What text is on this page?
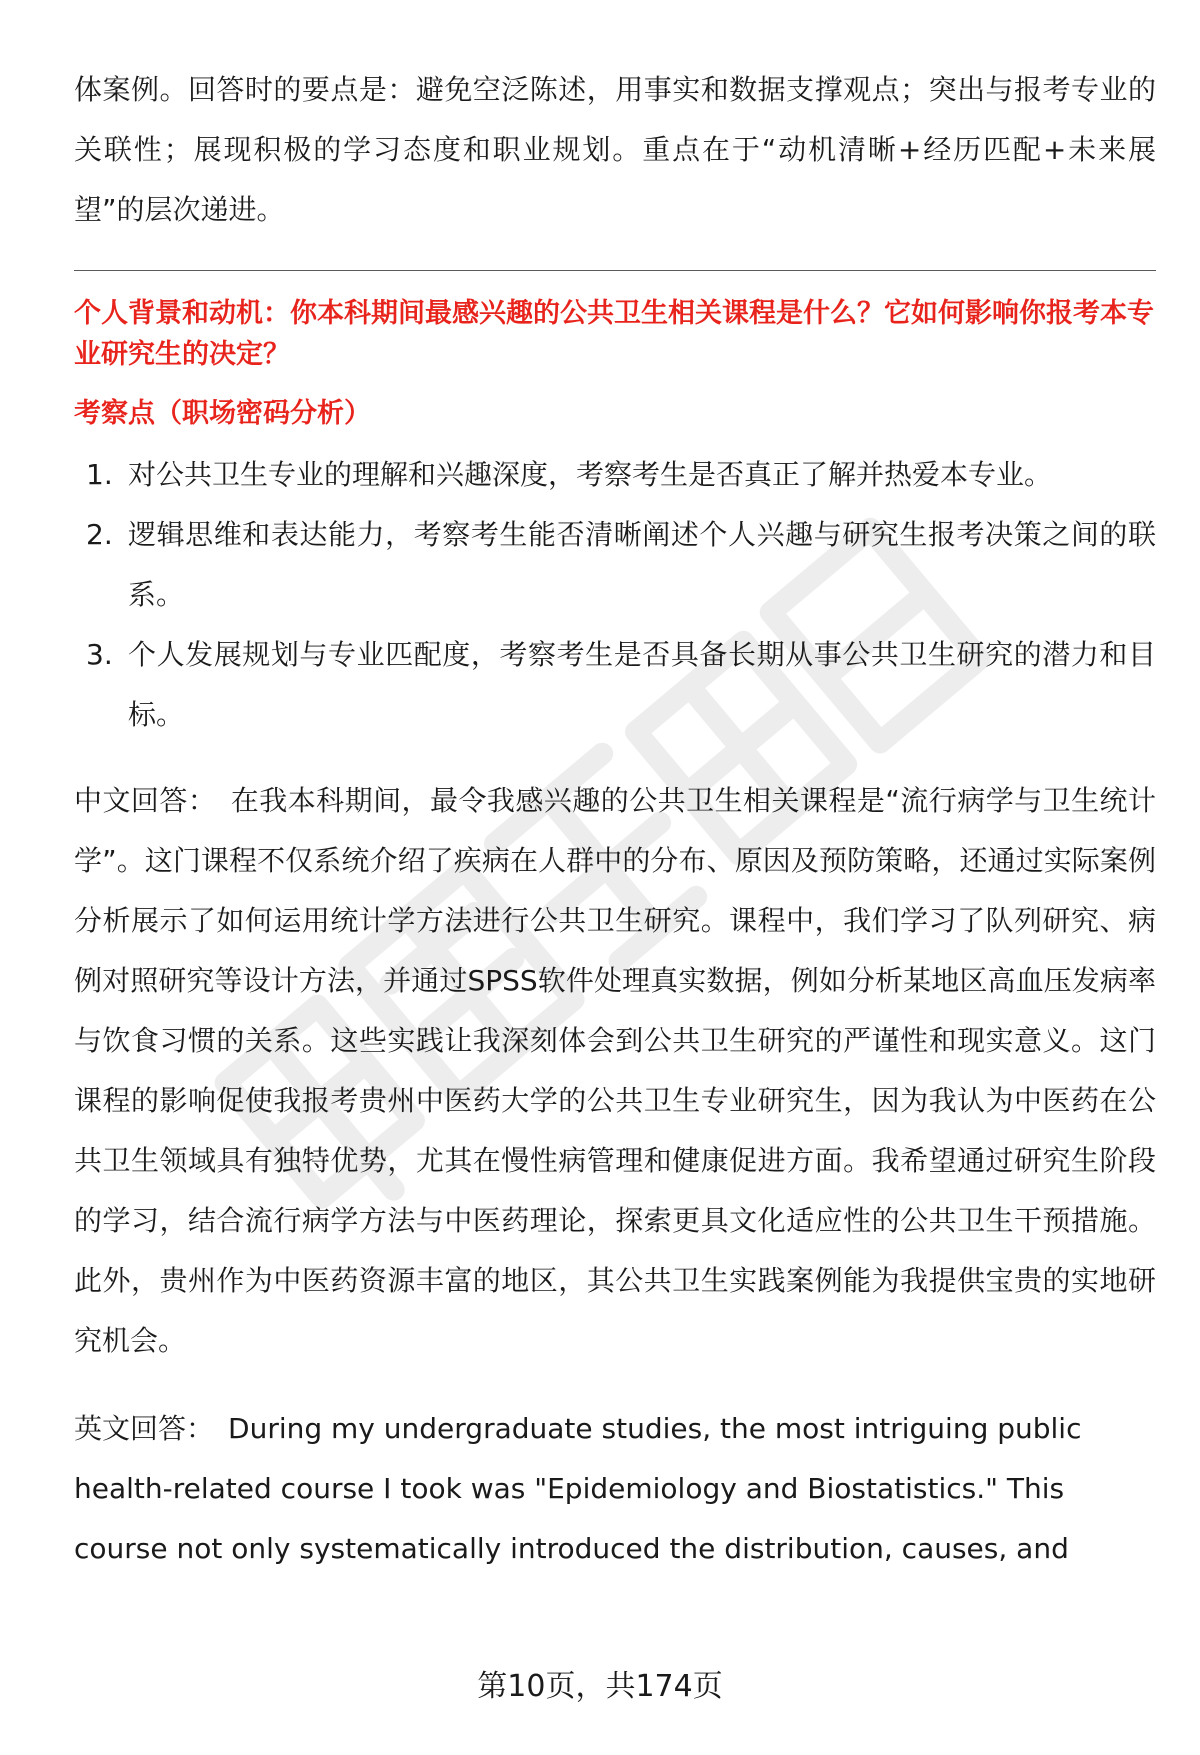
体案例。回答时的要点是：避免空泛陈述，用事实和数据支撑观点；突出与报考专业的关联性；展现积极的学习态度和职业规划。重点在于“动机清晰+经历匹配+未来展望”的层次递进。

个人背景和动机：你本科期间最感兴趣的公共卫生相关课程是什么？它如何影响你报考本专业研究生的决定？

考察点（职场密码分析）

1. 对公共卫生专业的理解和兴趣深度，考察考生是否真正了解并热爱本专业。
2. 逻辑思维和表达能力，考察考生能否清晰阐述个人兴趣与研究生报考决策之间的联系。
3. 个人发展规划与专业匹配度，考察考生是否具备长期从事公共卫生研究的潜力和目标。

中文回答： 在我本科期间，最令我感兴趣的公共卫生相关课程是“流行病学与卫生统计学”。这门课程不仅系统介绍了疾病在人群中的分布、原因及预防策略，还通过实际案例分析展示了如何运用统计学方法进行公共卫生研究。课程中，我们学习了队列研究、病例对照研究等设计方法，并通过SPSS软件处理真实数据，例如分析某地区高血压发病率与饮食习惯的关系。这些实践让我深刻体会到公共卫生研究的严谨性和现实意义。这门课程的影响促使我报考贵州中医药大学的公共卫生专业研究生，因为我认为中医药在公共卫生领域具有独特优势，尤其在慢性病管理和健康促进方面。我希望通过研究生阶段的学习，结合流行病学方法与中医药理论，探索更具文化适应性的公共卫生干预措施。此外，贵州作为中医药资源丰富的地区，其公共卫生实践案例能为我提供宝贵的实地研究机会。

英文回答： During my undergraduate studies, the most intriguing public health-related course I took was "Epidemiology and Biostatistics." This course not only systematically introduced the distribution, causes, and

第10页，共174页
